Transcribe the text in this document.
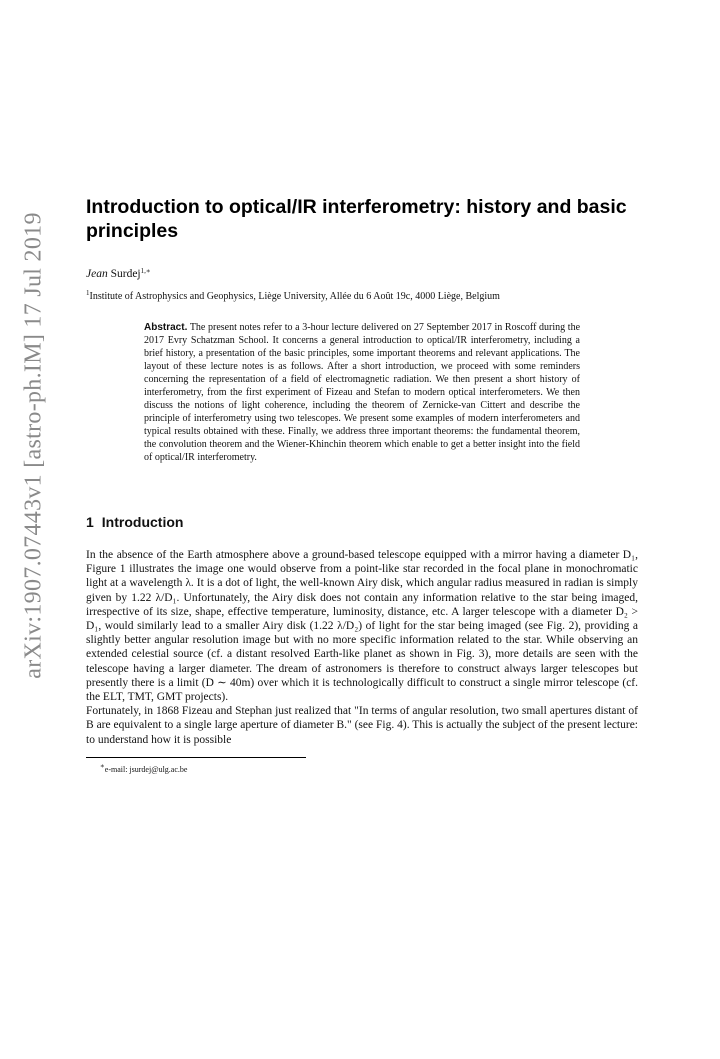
arXiv:1907.07443v1 [astro-ph.IM] 17 Jul 2019
Introduction to optical/IR interferometry: history and basic principles
Jean Surdej$^{1,∗}$
$^1$Institute of Astrophysics and Geophysics, Liège University, Allée du 6 Août 19c, 4000 Liège, Belgium
Abstract. The present notes refer to a 3-hour lecture delivered on 27 September 2017 in Roscoff during the 2017 Evry Schatzman School. It concerns a general introduction to optical/IR interferometry, including a brief history, a presentation of the basic principles, some important theorems and relevant applications. The layout of these lecture notes is as follows. After a short introduction, we proceed with some reminders concerning the representation of a field of electromagnetic radiation. We then present a short history of interferometry, from the first experiment of Fizeau and Stefan to modern optical interferometers. We then discuss the notions of light coherence, including the theorem of Zernicke-van Cittert and describe the principle of interferometry using two telescopes. We present some examples of modern interferometers and typical results obtained with these. Finally, we address three important theorems: the fundamental theorem, the convolution theorem and the Wiener-Khinchin theorem which enable to get a better insight into the field of optical/IR interferometry.
1 Introduction

In the absence of the Earth atmosphere above a ground-based telescope equipped with a mirror having a diameter D₁, Figure 1 illustrates the image one would observe from a point-like star recorded in the focal plane in monochromatic light at a wavelength λ. It is a dot of light, the well-known Airy disk, which angular radius measured in radian is simply given by 1.22 λ/D₁. Unfortunately, the Airy disk does not contain any information relative to the star being imaged, irrespective of its size, shape, effective temperature, luminosity, distance, etc. A larger telescope with a diameter D₂ > D₁, would similarly lead to a smaller Airy disk (1.22 λ/D₂) of light for the star being imaged (see Fig. 2), providing a slightly better angular resolution image but with no more specific information related to the star. While observing an extended celestial source (cf. a distant resolved Earth-like planet as shown in Fig. 3), more details are seen with the telescope having a larger diameter. The dream of astronomers is therefore to construct always larger telescopes but presently there is a limit (D ∼ 40m) over which it is technologically difficult to construct a single mirror telescope (cf. the ELT, TMT, GMT projects).

Fortunately, in 1868 Fizeau and Stephan just realized that "In terms of angular resolution, two small apertures distant of B are equivalent to a single large aperture of diameter B." (see Fig. 4). This is actually the subject of the present lecture: to understand how it is possible

∗e-mail: jsurdej@ulg.ac.be
